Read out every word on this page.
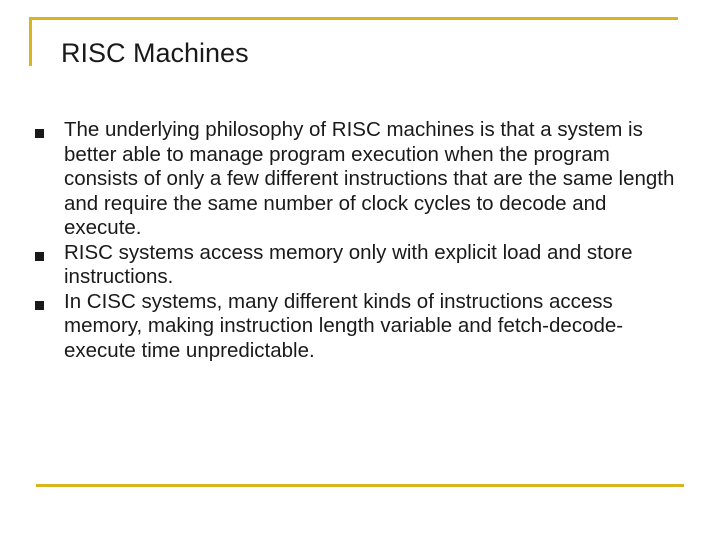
RISC Machines
The underlying philosophy of RISC machines is that a system is better able to manage program execution when the program consists of only a few different instructions that are the same length and require the same number of clock cycles to decode and execute.
RISC systems access memory only with explicit load and store instructions.
In CISC systems, many different kinds of instructions access memory, making instruction length variable and fetch-decode-execute time unpredictable.
